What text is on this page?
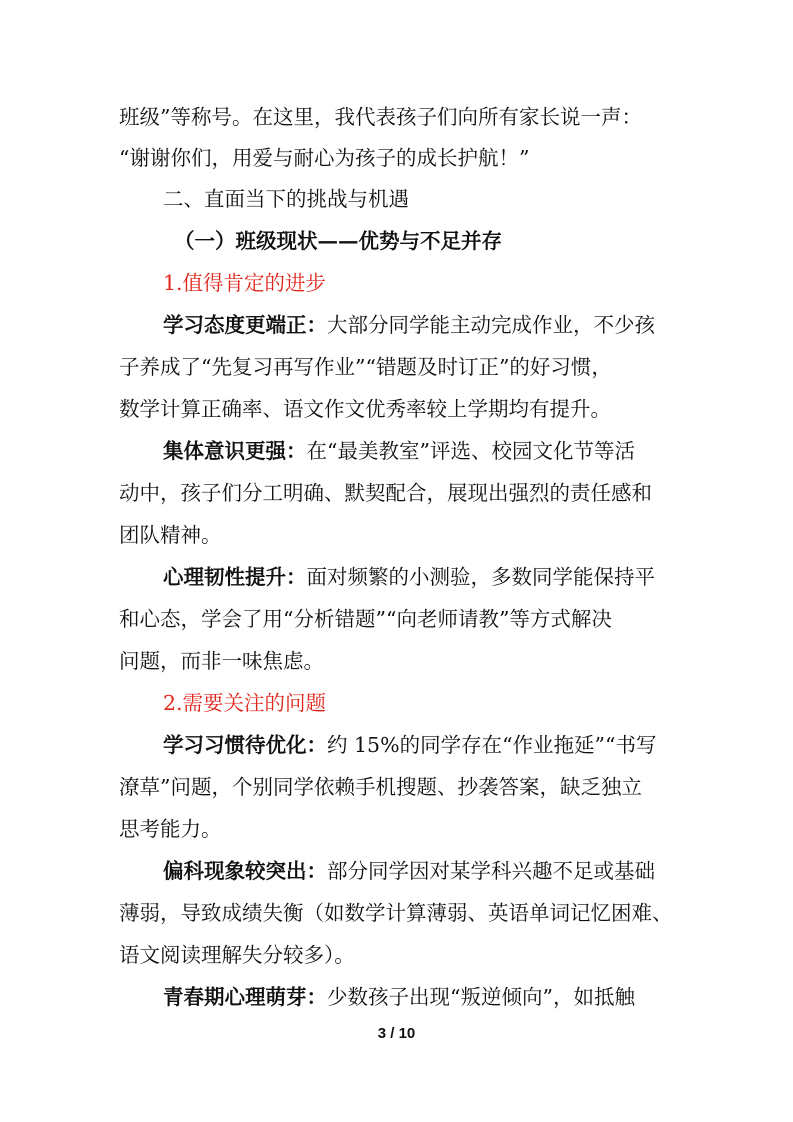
班级”等称号。在这里，我代表孩子们向所有家长说一声：
“谢谢你们，用爱与耐心为孩子的成长护航！”
二、直面当下的挑战与机遇
（一）班级现状——优势与不足并存
1.值得肯定的进步
学习态度更端正：大部分同学能主动完成作业，不少孩
子养成了“先复习再写作业”“错题及时订正”的好习惯，
数学计算正确率、语文作文优秀率较上学期均有提升。
集体意识更强：在“最美教室”评选、校园文化节等活
动中，孩子们分工明确、默契配合，展现出强烈的责任感和
团队精神。
心理韧性提升：面对频繁的小测验，多数同学能保持平
和心态，学会了用“分析错题”“向老师请教”等方式解决
问题，而非一味焦虑。
2.需要关注的问题
学习习惯待优化：约 15%的同学存在“作业拖延”“书写
潦草”问题，个别同学依赖手机搜题、抄袭答案，缺乏独立
思考能力。
偏科现象较突出：部分同学因对某学科兴趣不足或基础
薄弱，导致成绩失衡（如数学计算薄弱、英语单词记忆困难、
语文阅读理解失分较多）。
青春期心理萌芽：少数孩子出现“叛逆倾向”，如抵触
3 / 10
